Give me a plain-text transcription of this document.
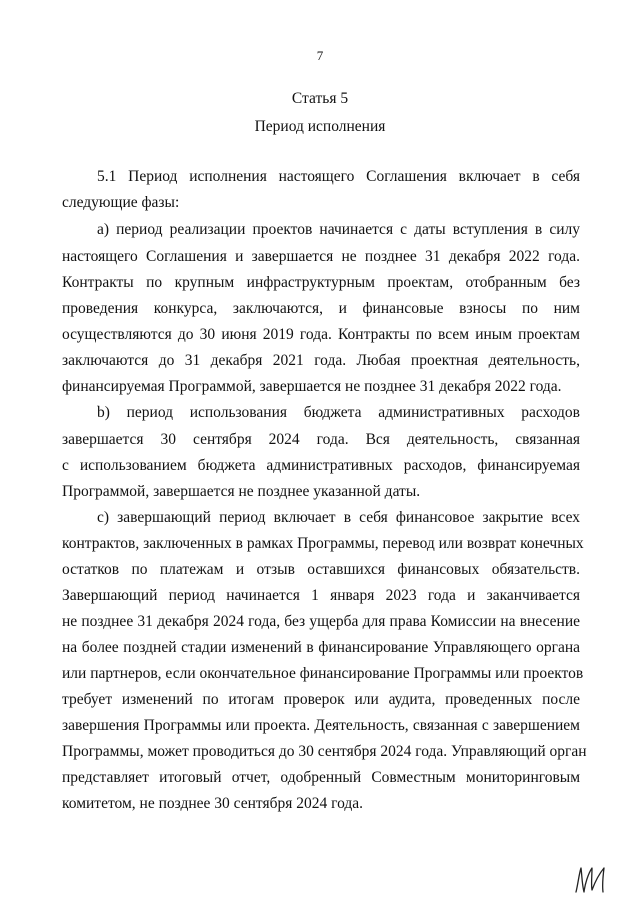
7
Статья 5
Период исполнения
5.1 Период исполнения настоящего Соглашения включает в себя
следующие фазы:
а) период реализации проектов начинается с даты вступления в силу
настоящего Соглашения и завершается не позднее 31 декабря 2022 года.
Контракты по крупным инфраструктурным проектам, отобранным без
проведения конкурса, заключаются, и финансовые взносы по ним
осуществляются до 30 июня 2019 года. Контракты по всем иным проектам
заключаются до 31 декабря 2021 года. Любая проектная деятельность,
финансируемая Программой, завершается не позднее 31 декабря 2022 года.
b) период использования бюджета административных расходов
завершается 30 сентября 2024 года. Вся деятельность, связанная
с использованием бюджета административных расходов, финансируемая
Программой, завершается не позднее указанной даты.
с) завершающий период включает в себя финансовое закрытие всех
контрактов, заключенных в рамках Программы, перевод или возврат конечных
остатков по платежам и отзыв оставшихся финансовых обязательств.
Завершающий период начинается 1 января 2023 года и заканчивается
не позднее 31 декабря 2024 года, без ущерба для права Комиссии на внесение
на более поздней стадии изменений в финансирование Управляющего органа
или партнеров, если окончательное финансирование Программы или проектов
требует изменений по итогам проверок или аудита, проведенных после
завершения Программы или проекта. Деятельность, связанная с завершением
Программы, может проводиться до 30 сентября 2024 года. Управляющий орган
представляет итоговый отчет, одобренный Совместным мониторинговым
комитетом, не позднее 30 сентября 2024 года.
